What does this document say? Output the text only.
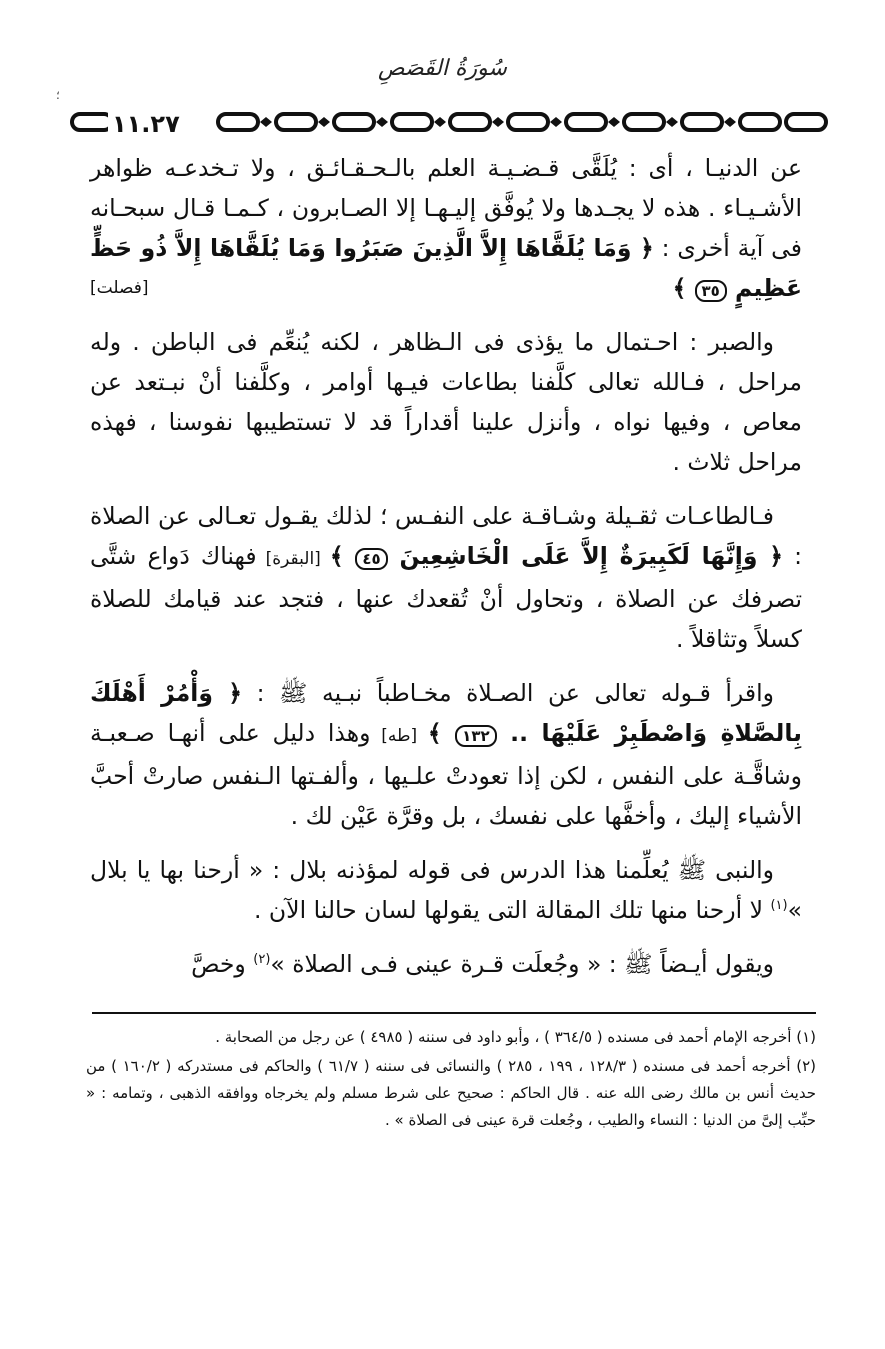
سُورَةُ القَصَصِ
؛
١١.٢٧

عن الدنيـا ، أى : يُلَقَّى قـضـيـة العلم بالـحـقـائـق ، ولا تـخدعـه ظواهر الأشـيـاء . هذه لا يجـدها ولا يُوفَّق إليـهـا إلا الصـابرون ، كـمـا قـال سبحـانه فى آية أخرى : ﴿ وَمَا يُلَقَّاهَا إِلاَّ الَّذِينَ صَبَرُوا وَمَا يُلَقَّاهَا إِلاَّ ذُو حَظٍّ عَظِيمٍ ٣٥ ﴾
[فصلت]

والصبر : احـتمال ما يؤذى فى الـظاهر ، لكنه يُنعِّم فى الباطن . وله مراحل ، فـالله تعالى كلَّفنا بطاعات فيـها أوامر ، وكلَّفنا أنْ نبـتعد عن معاص ، وفيها نواه ، وأنزل علينا أقداراً قد لا تستطيبها نفوسنا ، فهذه مراحل ثلاث .

فـالطاعـات ثقـيلة وشـاقـة على النفـس ؛ لذلك يقـول تعـالى عن الصلاة : ﴿ وَإِنَّهَا لَكَبِيرَةٌ إِلاَّ عَلَى الْخَاشِعِينَ ٤٥ ﴾ [البقرة] فهناك دَواع شتَّى تصرفك عن الصلاة ، وتحاول أنْ تُقعدك عنها ، فتجد عند قيامك للصلاة كسلاً وتثاقلاً .

واقرأ قـوله تعالى عن الصـلاة مخـاطباً نبـيه ﷺ : ﴿ وَأْمُرْ أَهْلَكَ بِالصَّلاةِ وَاصْطَبِرْ عَلَيْهَا .. ١٣٢ ﴾ [طه] وهذا دليل على أنهـا صـعبـة وشاقَّـة على النفس ، لكن إذا تعودتْ علـيها ، وألفـتها الـنفس صارتْ أحبَّ الأشياء إليك ، وأخفَّها على نفسك ، بل وقرَّة عَيْن لك .

والنبى ﷺ يُعلِّمنا هذا الدرس فى قوله لمؤذنه بلال : « أرحنا بها يا بلال »$^{(١)}$ لا أرحنا منها تلك المقالة التى يقولها لسان حالنا الآن .

ويقول أيـضاً ﷺ : « وجُعلَت قـرة عينى فـى الصلاة »$^{(٢)}$ وخصَّ

(١) أخرجه الإمام أحمد فى مسنده ( ٣٦٤/٥ ) ، وأبو داود فى سننه ( ٤٩٨٥ ) عن رجل من الصحابة .

(٢) أخرجه أحمد فى مسنده ( ١٢٨/٣ ، ١٩٩ ، ٢٨٥ ) والنسائى فى سننه ( ٦١/٧ ) والحاكم فى مستدركه ( ١٦٠/٢ ) من حديث أنس بن مالك رضى الله عنه . قال الحاكم : صحيح على شرط مسلم ولم يخرجاه ووافقه الذهبى ، وتمامه : « حبِّب إلىَّ من الدنيا : النساء والطيب ، وجُعلت قرة عينى فى الصلاة » .
